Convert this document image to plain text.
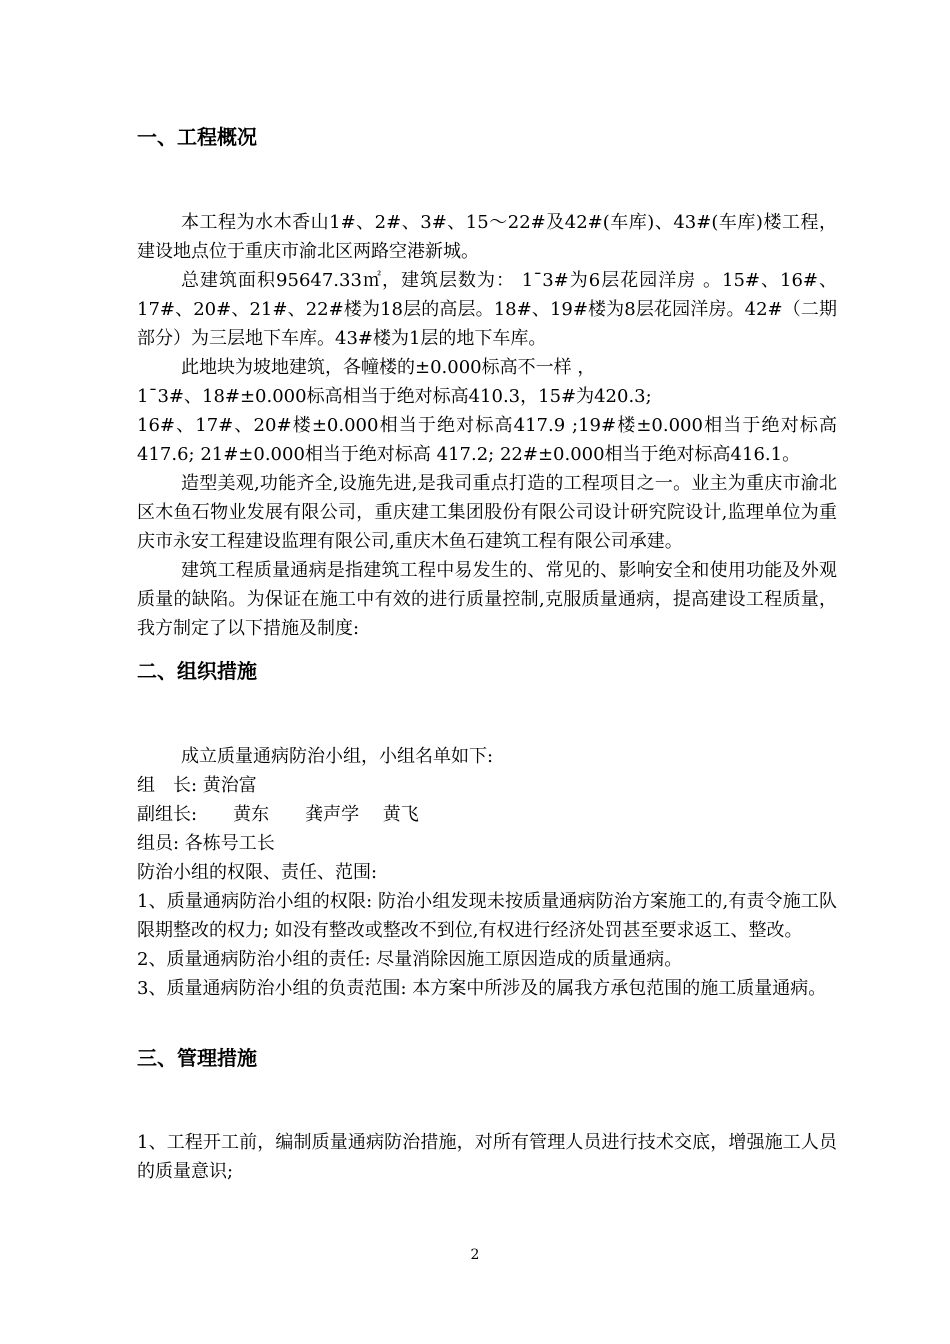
一、工程概况

本工程为水木香山1#、2#、3#、15～22#及42#(车库)、43#(车库)楼工程，建设地点位于重庆市渝北区两路空港新城。

总建筑面积95647.33㎡，建筑层数为： 1¯3#为6层花园洋房 。15#、16#、17#、20#、21#、22#楼为18层的高层。18#、19#楼为8层花园洋房。42#（二期部分）为三层地下车库。43#楼为1层的地下车库。

此地块为坡地建筑，各幢楼的±0.000标高不一样 ，

1¯3#、18#±0.000标高相当于绝对标高410.3，15#为420.3;

16#、17#、20#楼±0.000相当于绝对标高417.9 ;19#楼±0.000相当于绝对标高417.6; 21#±0.000相当于绝对标高 417.2; 22#±0.000相当于绝对标高416.1。

造型美观,功能齐全,设施先进,是我司重点打造的工程项目之一。业主为重庆市渝北区木鱼石物业发展有限公司，重庆建工集团股份有限公司设计研究院设计,监理单位为重庆市永安工程建设监理有限公司,重庆木鱼石建筑工程有限公司承建。

建筑工程质量通病是指建筑工程中易发生的、常见的、影响安全和使用功能及外观质量的缺陷。为保证在施工中有效的进行质量控制,克服质量通病，提高建设工程质量，我方制定了以下措施及制度:

二、组织措施

成立质量通病防治小组，小组名单如下:

组　长: 黄治富

副组长:　　黄东　　龚声学　 黄飞

组员: 各栋号工长

防治小组的权限、责任、范围:

1、质量通病防治小组的权限: 防治小组发现未按质量通病防治方案施工的,有责令施工队限期整改的权力; 如没有整改或整改不到位,有权进行经济处罚甚至要求返工、整改。

2、质量通病防治小组的责任: 尽量消除因施工原因造成的质量通病。

3、质量通病防治小组的负责范围: 本方案中所涉及的属我方承包范围的施工质量通病。

三、管理措施

1、工程开工前，编制质量通病防治措施，对所有管理人员进行技术交底，增强施工人员的质量意识;

2
